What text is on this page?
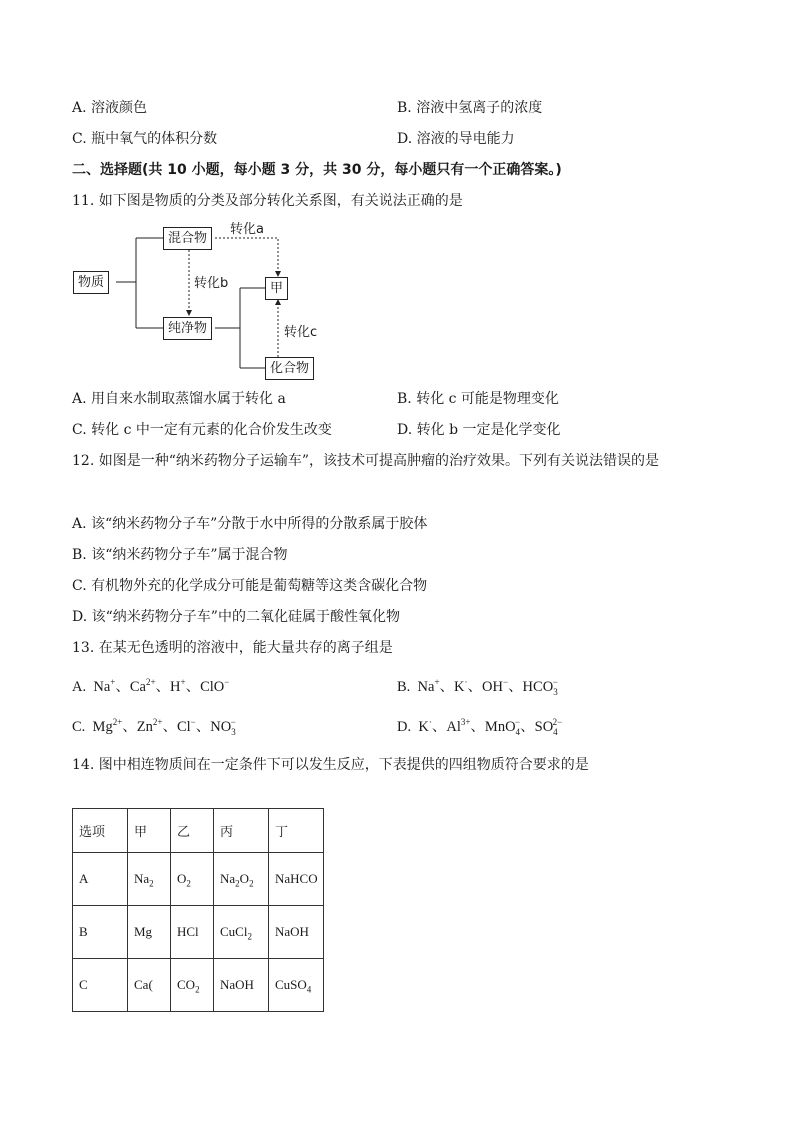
A. 溶液颜色	B. 溶液中氢离子的浓度
C. 瓶中氧气的体积分数	D. 溶液的导电能力
二、选择题(共 10 小题，每小题 3 分，共 30 分，每小题只有一个正确答案。)
11. 如下图是物质的分类及部分转化关系图，有关说法正确的是
物质
混合物
纯净物
甲
化合物
转化a
转化b
转化c
A. 用自来水制取蒸馏水属于转化 a	B. 转化 c 可能是物理变化
C. 转化 c 中一定有元素的化合价发生改变	D. 转化 b 一定是化学变化
12. 如图是一种“纳米药物分子运输车”，该技术可提高肿瘤的治疗效果。下列有关说法错误的是
A. 该“纳米药物分子车”分散于水中所得的分散系属于胶体
B. 该“纳米药物分子车”属于混合物
C. 有机物外充的化学成分可能是葡萄糖等这类含碳化合物
D. 该“纳米药物分子车”中的二氧化硅属于酸性氧化物
13. 在某无色透明的溶液中，能大量共存的离子组是
A.  Na+、$Ca^{2+}$、H+、ClO−	B.  Na+、K·、OH−、$HCO_3^-$
C.  $Mg^{2+}$、$Zn^{2+}$、Cl−、$NO_3^-$	D.  K·、$Al^{3+}$、MnO$_4$−、$SO_4^{2-}$
14. 图中相连物质间在一定条件下可以发生反应，下表提供的四组物质符合要求的是
选项	甲	乙	丙	丁
A	$Na_2$	$O_2$	$Na_2O_2$	NaHCO
B	Mg	HCl	CuCl$_2$	NaOH
C	Ca(	$CO_2$	NaOH	CuSO$_4$
